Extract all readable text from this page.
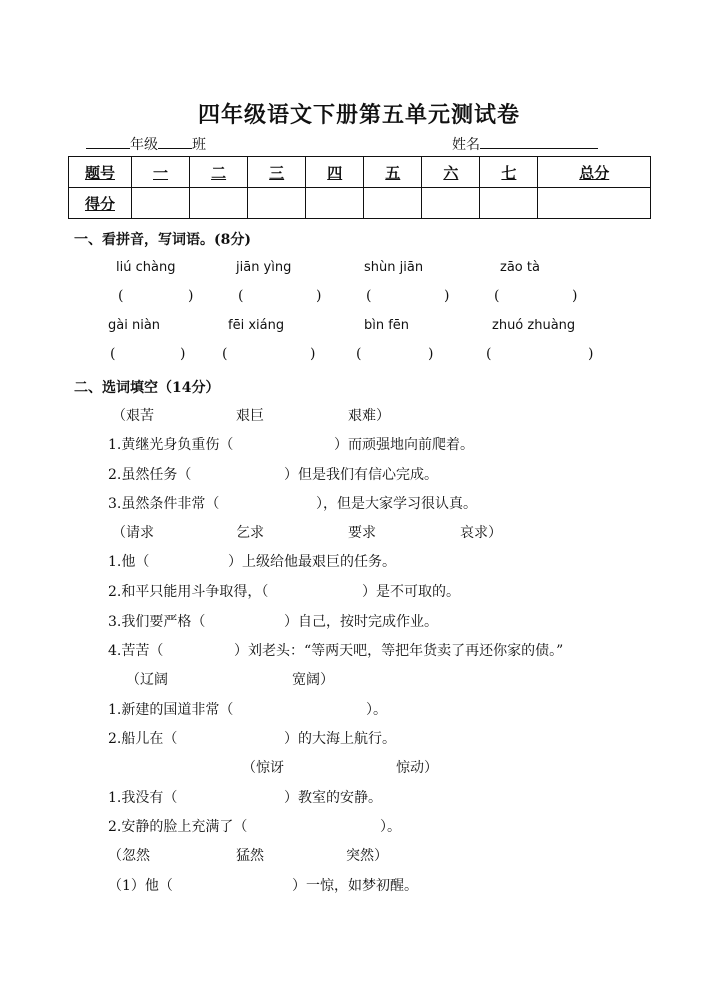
四年级语文下册第五单元测试卷
年级 班	姓名
题号	一	二	三	四	五	六	七	总分
得分								
一、看拼音，写词语。(8分)
liú chàng	jiān yìng	shùn jiān	zāo tà
(	)	(	)	(	)	(	)
gài niàn	fēi xiáng	bìn fēn	zhuó zhuàng
(	)	(	)	(	)	(	)
二、选词填空（14分）
（艰苦	艰巨	艰难）
1.黄继光身负重伤（	）而顽强地向前爬着。
2.虽然任务（	）但是我们有信心完成。
3.虽然条件非常（	），但是大家学习很认真。
（请求	乞求	要求	哀求）
1.他（	）上级给他最艰巨的任务。
2.和平只能用斗争取得，（	）是不可取的。
3.我们要严格（	）自己，按时完成作业。
4.苦苦（	）刘老头：“等两天吧，等把年货卖了再还你家的债。”
（辽阔	宽阔）
1.新建的国道非常（	）。
2.船儿在（	）的大海上航行。
（惊讶	惊动）
1.我没有（	）教室的安静。
2.安静的脸上充满了（	）。
（忽然	猛然	突然）
（1）他（	）一惊，如梦初醒。
